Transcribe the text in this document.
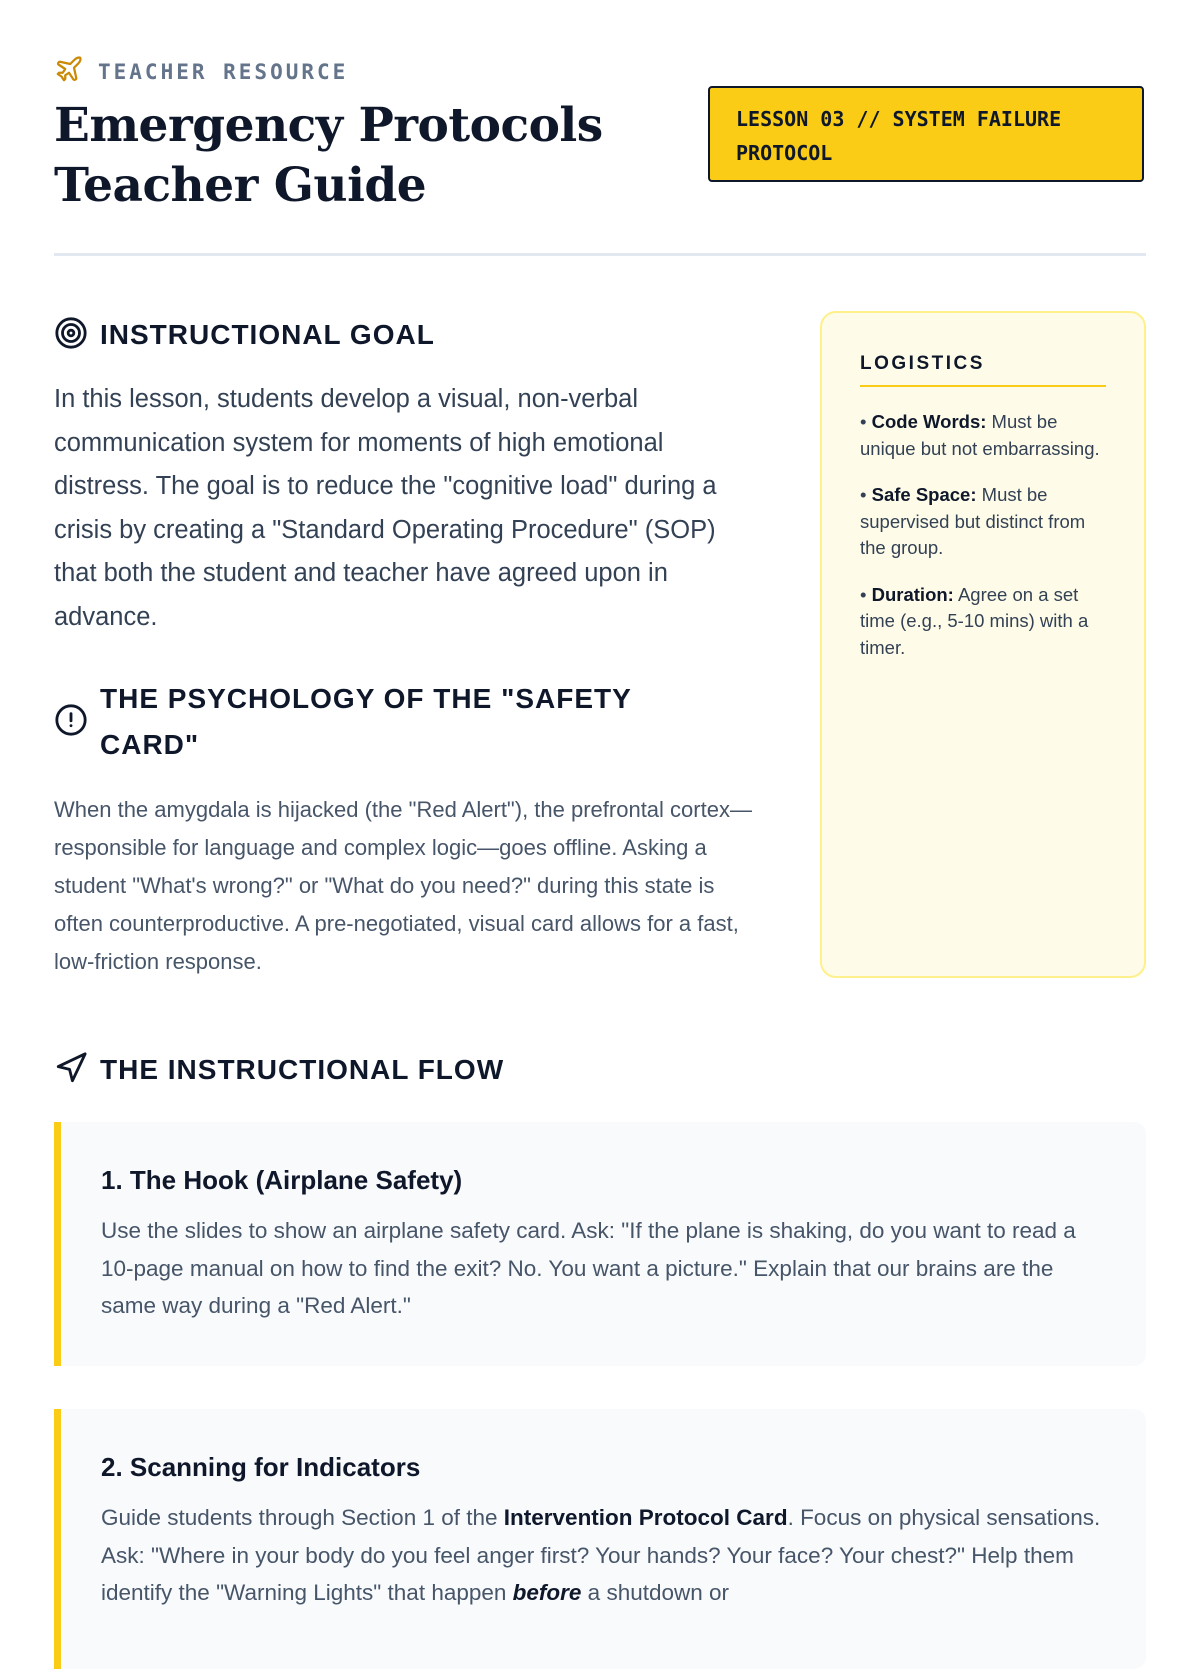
TEACHER RESOURCE
Emergency Protocols Teacher Guide
LESSON 03 // SYSTEM FAILURE PROTOCOL
INSTRUCTIONAL GOAL

In this lesson, students develop a visual, non-verbal communication system for moments of high emotional distress. The goal is to reduce the "cognitive load" during a crisis by creating a "Standard Operating Procedure" (SOP) that both the student and teacher have agreed upon in advance.

THE PSYCHOLOGY OF THE "SAFETY CARD"

When the amygdala is hijacked (the "Red Alert"), the prefrontal cortex—responsible for language and complex logic—goes offline. Asking a student "What's wrong?" or "What do you need?" during this state is often counterproductive. A pre-negotiated, visual card allows for a fast, low-friction response.

LOGISTICS
• Code Words: Must be unique but not embarrassing.
• Safe Space: Must be supervised but distinct from the group.
• Duration: Agree on a set time (e.g., 5-10 mins) with a timer.
THE INSTRUCTIONAL FLOW
1. The Hook (Airplane Safety)

Use the slides to show an airplane safety card. Ask: "If the plane is shaking, do you want to read a 10-page manual on how to find the exit? No. You want a picture." Explain that our brains are the same way during a "Red Alert."

2. Scanning for Indicators

Guide students through Section 1 of the Intervention Protocol Card. Focus on physical sensations. Ask: "Where in your body do you feel anger first? Your hands? Your face? Your chest?" Help them identify the "Warning Lights" that happen before a shutdown or
